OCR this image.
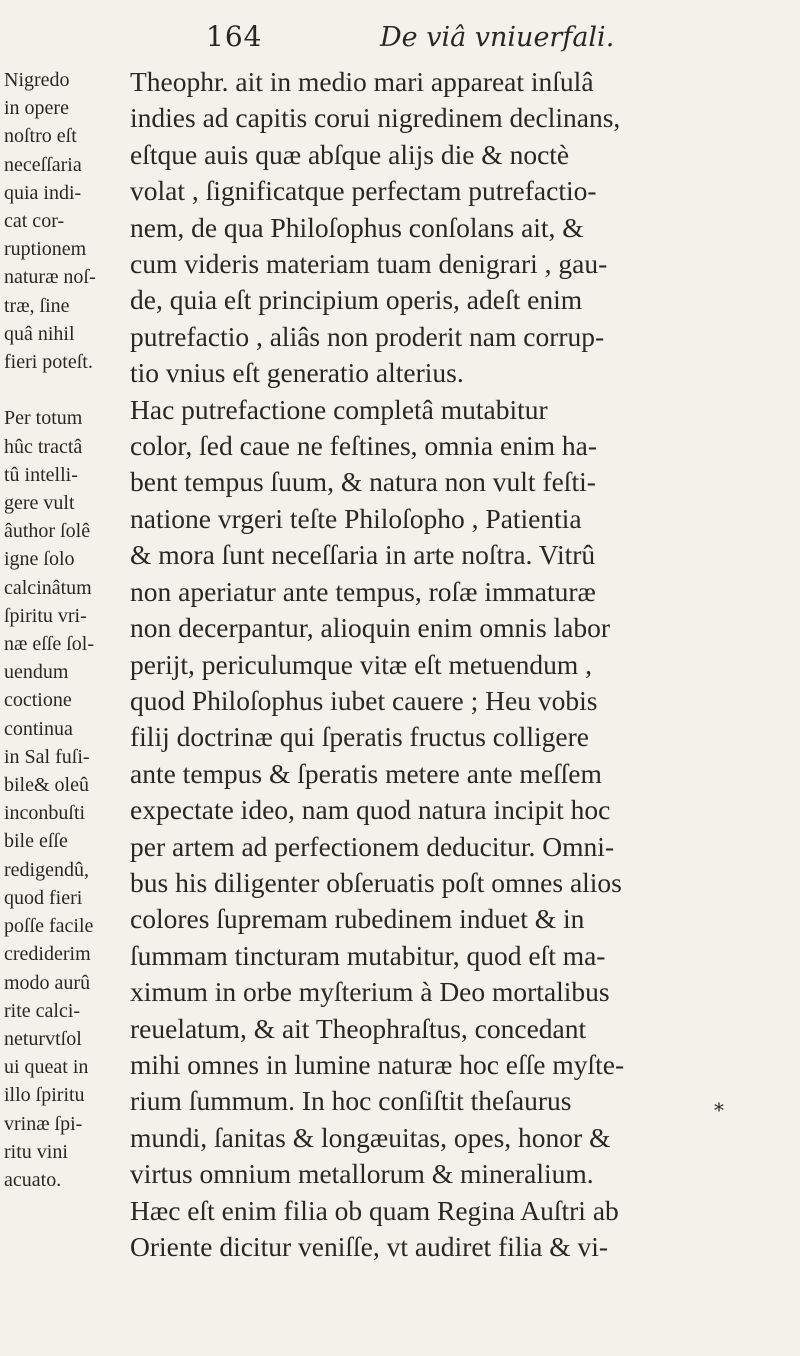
164	De viâ vniuerfali.
Nigredo
in opere
noſtro eſt
neceſſaria
quia indi-
cat cor-
ruptionem
naturæ noſ-
træ, ſine
quâ nihil
fieri poteſt.

Per totum
hûc tractâ
tû intelli-
gere vult
âuthor ſolê
igne ſolo
calcinâtum
ſpiritu vri-
næ eſſe ſol-
uendum
coctione
continua
in Sal fuſi-
bile& oleû
inconbuſti
bile eſſe
redigendû,
quod fieri
poſſe facile
crediderim
modo aurû
rite calci-
neturvtſol
ui queat in
illo ſpiritu
vrinæ ſpi-
ritu vini
acuato.
Theophr. ait in medio mari appareat inſulâ
indies ad capitis corui nigredinem declinans,
eſtque auis quæ abſque alijs die & noctè
volat , ſignificatque perfectam putrefactio-
nem, de qua Philoſophus conſolans ait, &
cum videris materiam tuam denigrari , gau-
de, quia eſt principium operis, adeſt enim
putrefactio , aliâs non proderit nam corrup-
tio vnius eſt generatio alterius.
Hac putrefactione completâ mutabitur
color, ſed caue ne feſtines, omnia enim ha-
bent tempus ſuum, & natura non vult feſti-
natione vrgeri teſte Philoſopho , Patientia
& mora ſunt neceſſaria in arte noſtra. Vitrû
non aperiatur ante tempus, roſæ immaturæ
non decerpantur, alioquin enim omnis labor
perijt, periculumque vitæ eſt metuendum ,
quod Philoſophus iubet cauere ; Heu vobis
filij doctrinæ qui ſperatis fructus colligere
ante tempus & ſperatis metere ante meſſem
expectate ideo, nam quod natura incipit hoc
per artem ad perfectionem deducitur. Omni-
bus his diligenter obſeruatis poſt omnes alios
colores ſupremam rubedinem induet & in
ſummam tincturam mutabitur, quod eſt ma-
ximum in orbe myſterium à Deo mortalibus
reuelatum, & ait Theophraſtus, concedant
mihi omnes in lumine naturæ hoc eſſe myſte-
rium ſummum. In hoc conſiſtit theſaurus
mundi, ſanitas & longæuitas, opes, honor &
virtus omnium metallorum & mineralium.
Hæc eſt enim filia ob quam Regina Auſtri ab
Oriente dicitur veniſſe, vt audiret filia & vi-
*
